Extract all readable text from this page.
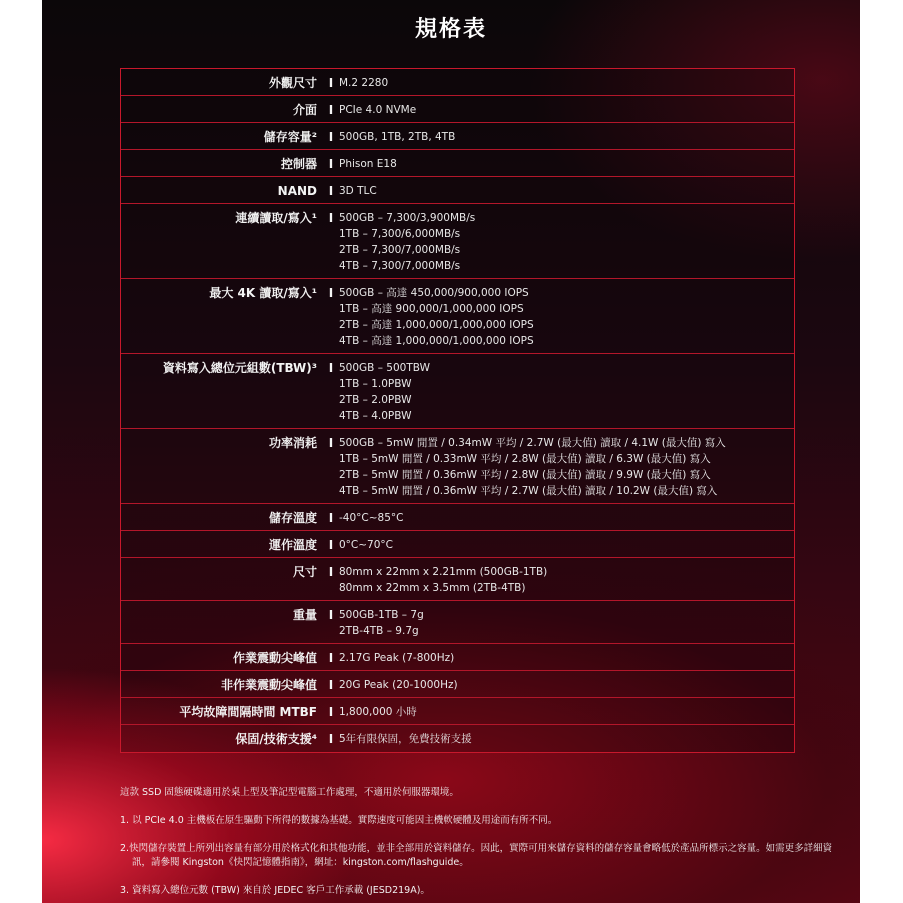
規格表
外觀尺寸 I M.2 2280
介面 I PCIe 4.0 NVMe
儲存容量² I 500GB, 1TB, 2TB, 4TB
控制器 I Phison E18
NAND I 3D TLC
連續讀取/寫入¹ I 500GB – 7,300/3,900MB/s
1TB – 7,300/6,000MB/s
2TB – 7,300/7,000MB/s
4TB – 7,300/7,000MB/s
最大 4K 讀取/寫入¹ I 500GB – 高達 450,000/900,000 IOPS
1TB – 高達 900,000/1,000,000 IOPS
2TB – 高達 1,000,000/1,000,000 IOPS
4TB – 高達 1,000,000/1,000,000 IOPS
資料寫入總位元組數(TBW)³ I 500GB – 500TBW
1TB – 1.0PBW
2TB – 2.0PBW
4TB – 4.0PBW
功率消耗 I 500GB – 5mW 閒置 / 0.34mW 平均 / 2.7W (最大值) 讀取 / 4.1W (最大值) 寫入
1TB – 5mW 閒置 / 0.33mW 平均 / 2.8W (最大值) 讀取 / 6.3W (最大值) 寫入
2TB – 5mW 閒置 / 0.36mW 平均 / 2.8W (最大值) 讀取 / 9.9W (最大值) 寫入
4TB – 5mW 閒置 / 0.36mW 平均 / 2.7W (最大值) 讀取 / 10.2W (最大值) 寫入
儲存溫度 I -40°C~85°C
運作溫度 I 0°C~70°C
尺寸 I 80mm x 22mm x 2.21mm (500GB-1TB)
80mm x 22mm x 3.5mm (2TB-4TB)
重量 I 500GB-1TB – 7g
2TB-4TB – 9.7g
作業震動尖峰值 I 2.17G Peak (7-800Hz)
非作業震動尖峰值 I 20G Peak (20-1000Hz)
平均故障間隔時間 MTBF I 1,800,000 小時
保固/技術支援⁴ I 5年有限保固，免費技術支援

這款 SSD 固態硬碟適用於桌上型及筆記型電腦工作處理，不適用於伺服器環境。

1. 以 PCIe 4.0 主機板在原生驅動下所得的數據為基礎。實際速度可能因主機軟硬體及用途而有所不同。

2.快閃儲存裝置上所列出容量有部分用於格式化和其他功能，並非全部用於資料儲存。因此，實際可用來儲存資料的儲存容量會略低於產品所標示之容量。如需更多詳細資訊，請參閱 Kingston《快閃記憶體指南》，網址：kingston.com/flashguide。

3. 資料寫入總位元數 (TBW) 來自於 JEDEC 客戶工作承載 (JESD219A)。
